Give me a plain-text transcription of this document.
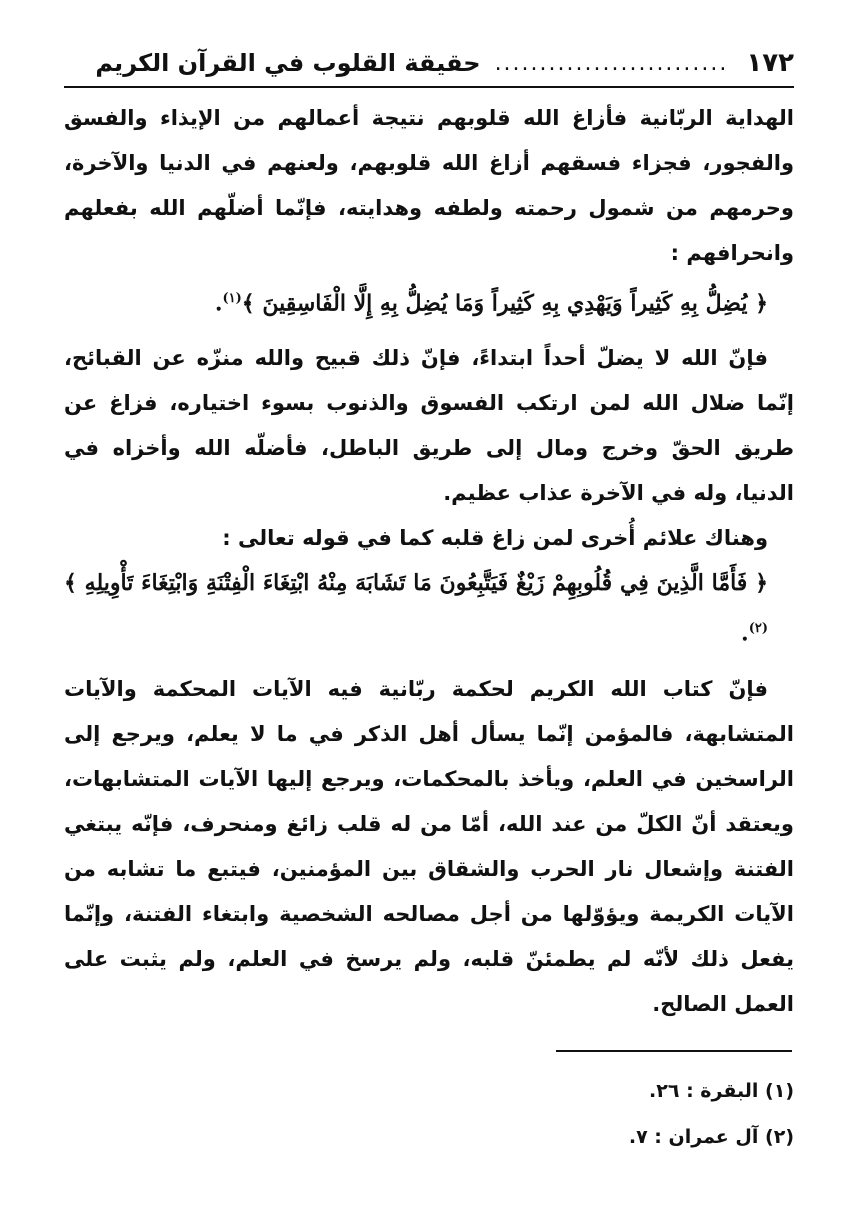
١٧٢
..........................
حقيقة القلوب في القرآن الكريم

الهداية الربّانية فأزاغ الله قلوبهم نتيجة أعمالهم من الإيذاء والفسق والفجور، فجزاء فسقهم أزاغ الله قلوبهم، ولعنهم في الدنيا والآخرة، وحرمهم من شمول رحمته ولطفه وهدايته، فإنّما أضلّهم الله بفعلهم وانحرافهم :

﴿ يُضِلُّ بِهِ كَثِيراً وَيَهْدِي بِهِ كَثِيراً وَمَا يُضِلُّ بِهِ إِلَّا الْفَاسِقِينَ ﴾$^{(١)}$.

فإنّ الله لا يضلّ أحداً ابتداءً، فإنّ ذلك قبيح والله منزّه عن القبائح، إنّما ضلال الله لمن ارتكب الفسوق والذنوب بسوء اختياره، فزاغ عن طريق الحقّ وخرج ومال إلى طريق الباطل، فأضلّه الله وأخزاه في الدنيا، وله في الآخرة عذاب عظيم.

وهناك علائم أُخرى لمن زاغ قلبه كما في قوله تعالى :

﴿ فَأَمَّا الَّذِينَ فِي قُلُوبِهِمْ زَيْغٌ فَيَتَّبِعُونَ مَا تَشَابَهَ مِنْهُ ابْتِغَاءَ الْفِتْنَةِ وَابْتِغَاءَ تَأْوِيلِهِ ﴾$^{(٢)}$.

فإنّ كتاب الله الكريم لحكمة ربّانية فيه الآيات المحكمة والآيات المتشابهة، فالمؤمن إنّما يسأل أهل الذكر في ما لا يعلم، ويرجع إلى الراسخين في العلم، ويأخذ بالمحكمات، ويرجع إليها الآيات المتشابهات، ويعتقد أنّ الكلّ من عند الله، أمّا من له قلب زائغ ومنحرف، فإنّه يبتغي الفتنة وإشعال نار الحرب والشقاق بين المؤمنين، فيتبع ما تشابه من الآيات الكريمة ويؤوّلها من أجل مصالحه الشخصية وابتغاء الفتنة، وإنّما يفعل ذلك لأنّه لم يطمئنّ قلبه، ولم يرسخ في العلم، ولم يثبت على العمل الصالح.

(١) البقرة : ٢٦.

(٢) آل عمران : ٧.
